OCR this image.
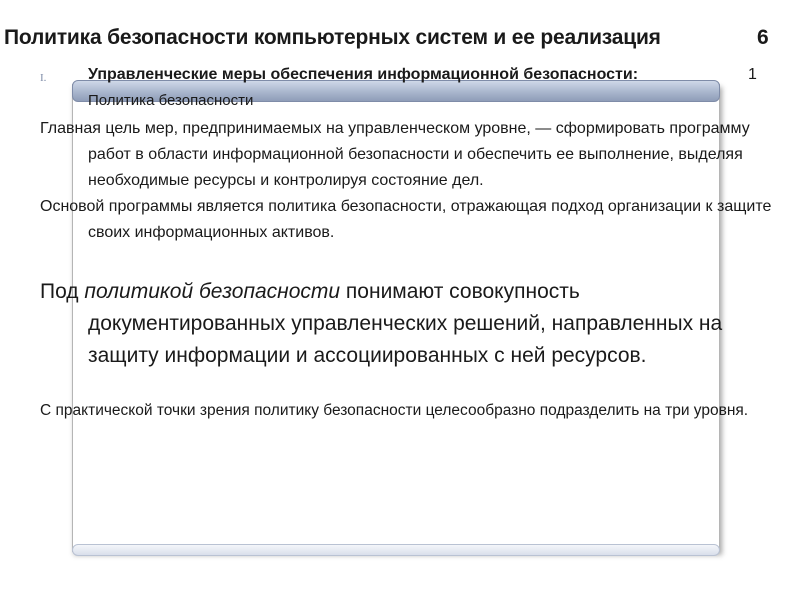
Политика безопасности компьютерных систем и ее реализация	6
I.	Управленческие меры обеспечения информационной безопасности:	1
Политика безопасности
Главная цель мер, предпринимаемых на управленческом уровне, — сформировать программу работ в области информационной безопасности и обеспечить ее выполнение, выделяя необходимые ресурсы и контролируя состояние дел.
Основой программы является политика безопасности, отражающая подход организации к защите своих информационных активов.
Под политикой безопасности понимают совокупность документированных управленческих решений, направленных на защиту информации и ассоциированных с ней ресурсов.
С практической точки зрения политику безопасности целесообразно подразделить на три уровня.
